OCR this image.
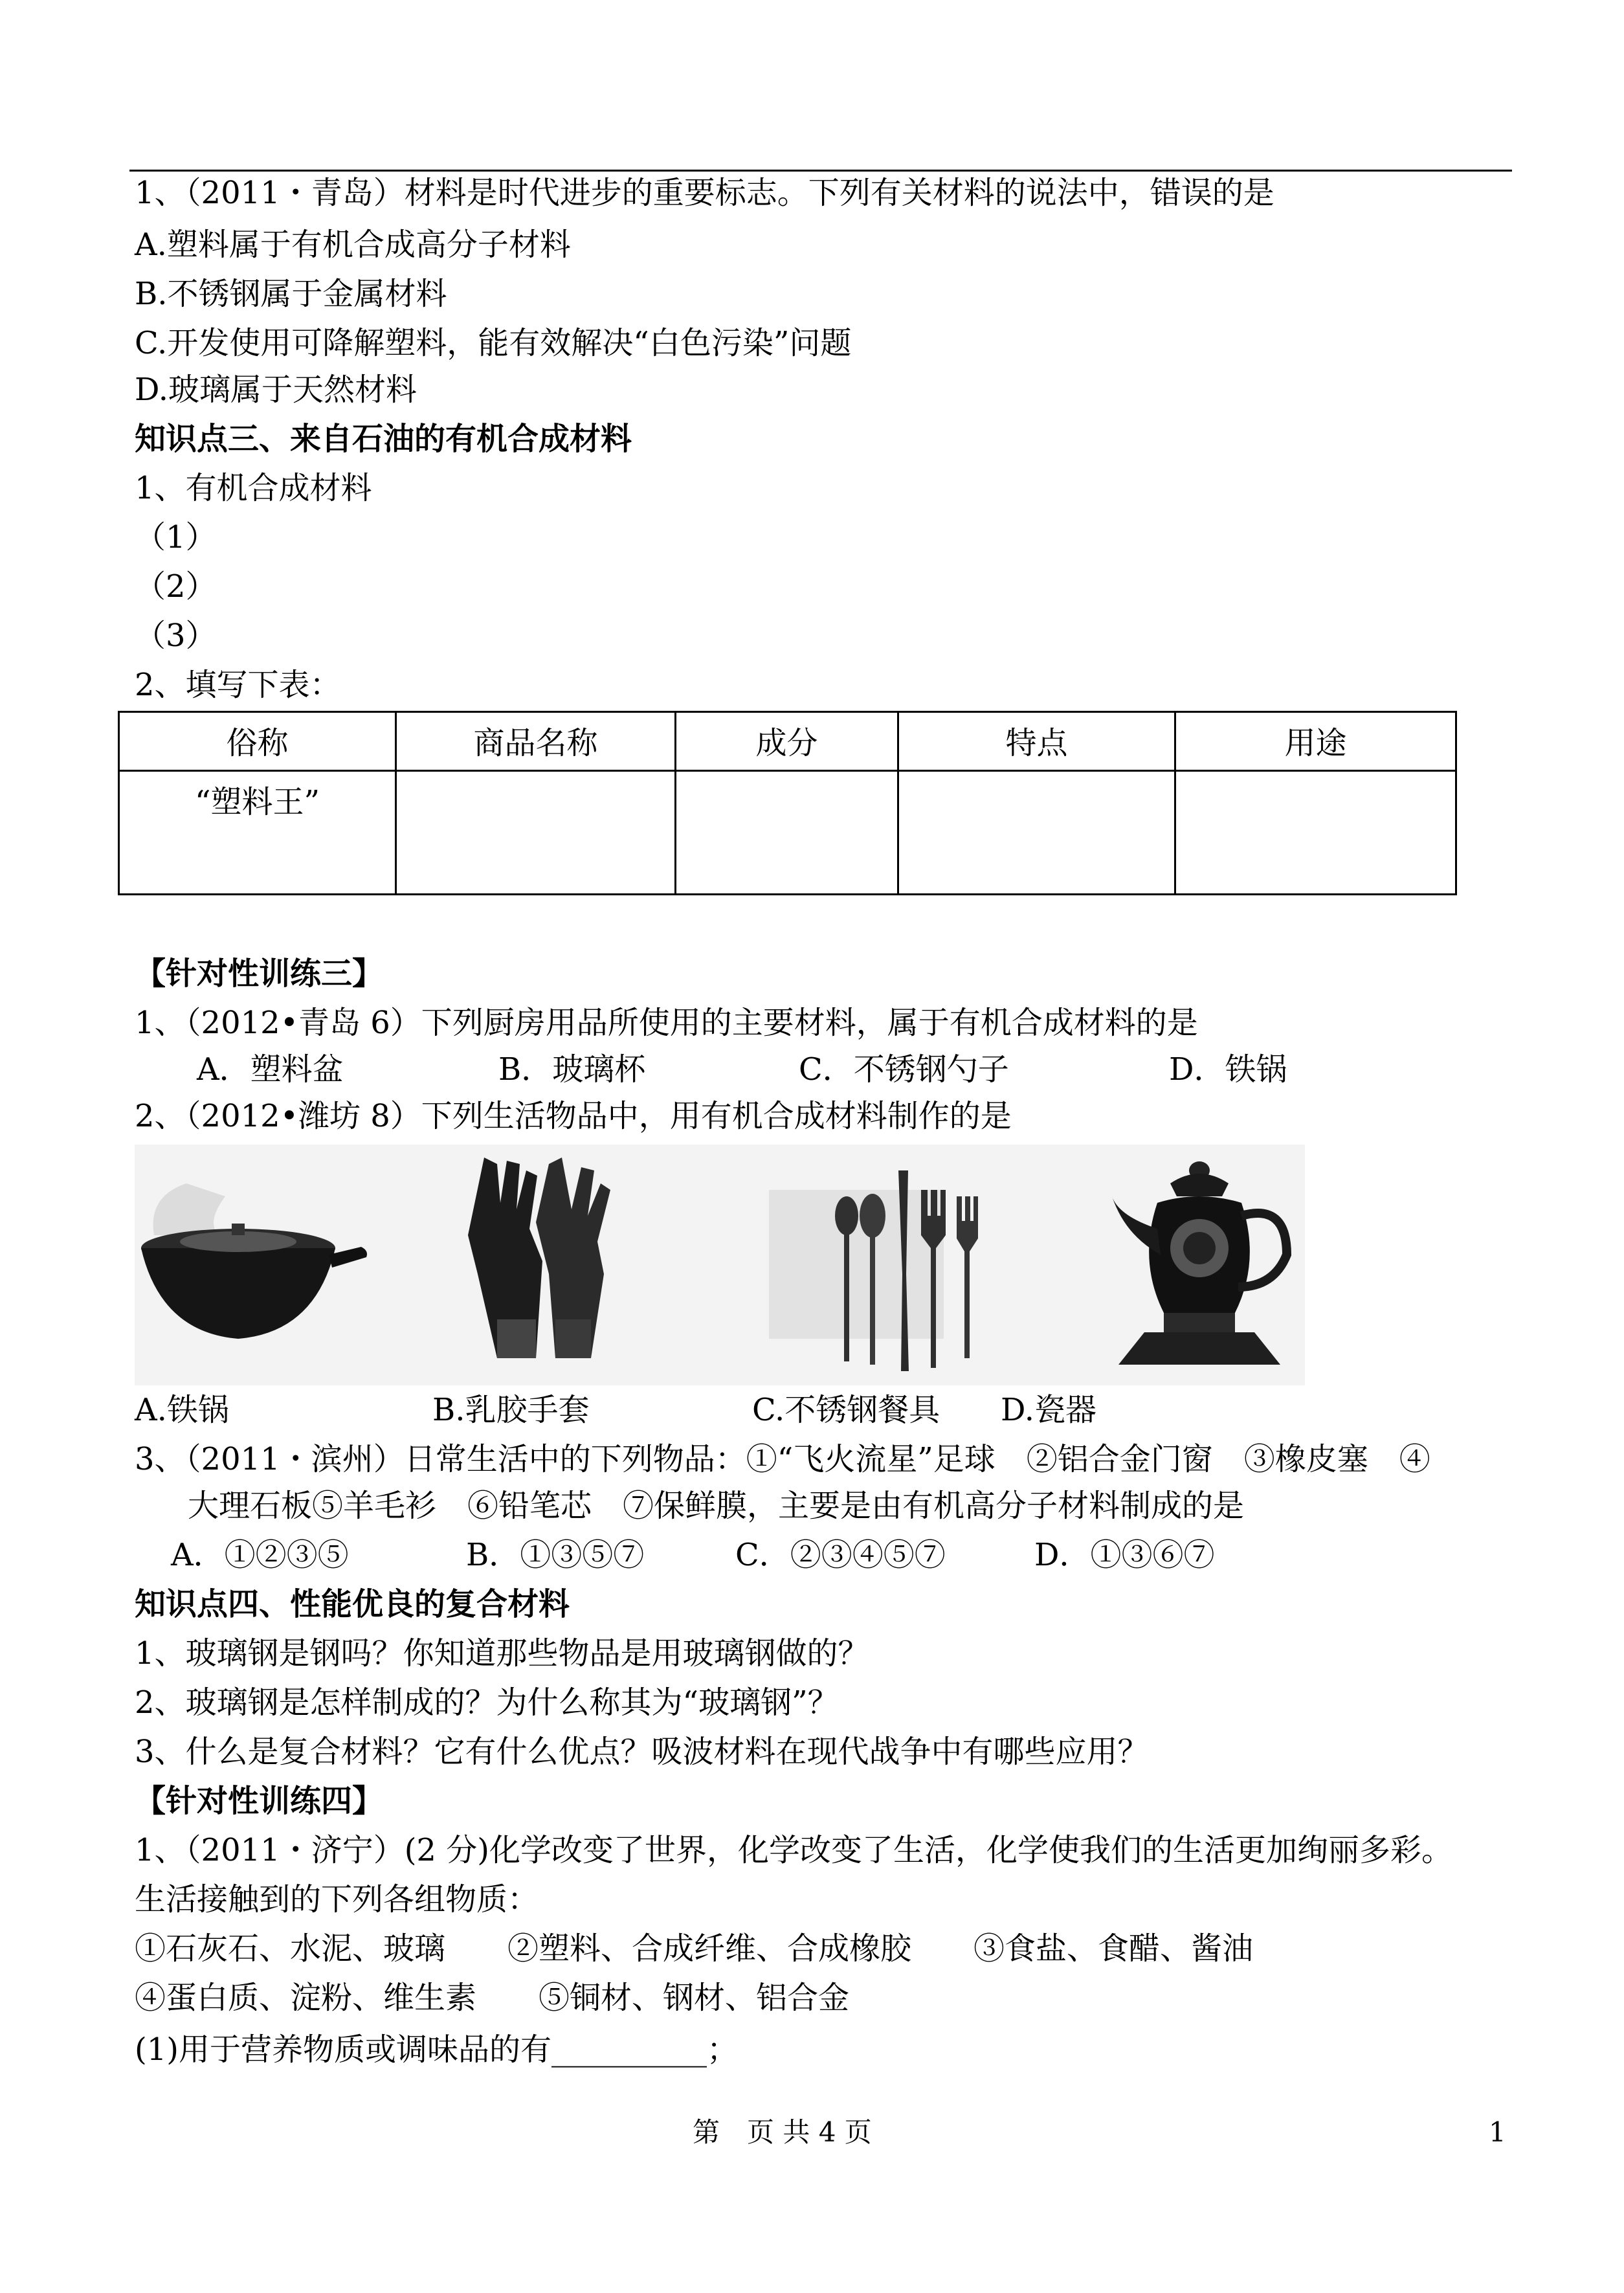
1、（2011・青岛）材料是时代进步的重要标志。下列有关材料的说法中，错误的是
A.塑料属于有机合成高分子材料
B.不锈钢属于金属材料
C.开发使用可降解塑料，能有效解决“白色污染”问题
D.玻璃属于天然材料
知识点三、来自石油的有机合成材料
1、有机合成材料
（1）
（2）
（3）
2、填写下表：
俗称	商品名称	成分	特点	用途
“塑料王”				
【针对性训练三】
1、（2012•青岛 6）下列厨房用品所使用的主要材料，属于有机合成材料的是
A．塑料盆	B．玻璃杯	C．不锈钢勺子	D．铁锅
2、（2012•潍坊 8）下列生活物品中，用有机合成材料制作的是
A.铁锅	B.乳胶手套	C.不锈钢餐具 D.瓷器
3、（2011・滨州）日常生活中的下列物品：①“飞火流星”足球　②铝合金门窗　③橡皮塞　④
大理石板⑤羊毛衫　⑥铅笔芯　⑦保鲜膜，主要是由有机高分子材料制成的是
A．①②③⑤	B．①③⑤⑦	C．②③④⑤⑦	D．①③⑥⑦
知识点四、性能优良的复合材料
1、玻璃钢是钢吗？你知道那些物品是用玻璃钢做的？
2、玻璃钢是怎样制成的？为什么称其为“玻璃钢”？
3、什么是复合材料？它有什么优点？吸波材料在现代战争中有哪些应用？
【针对性训练四】
1、（2011・济宁）(2 分)化学改变了世界，化学改变了生活，化学使我们的生活更加绚丽多彩。
生活接触到的下列各组物质：
①石灰石、水泥、玻璃　　②塑料、合成纤维、合成橡胶　　③食盐、食醋、酱油
④蛋白质、淀粉、维生素　　⑤铜材、钢材、铝合金
(1)用于营养物质或调味品的有__________；
第　页 共 4 页	1
